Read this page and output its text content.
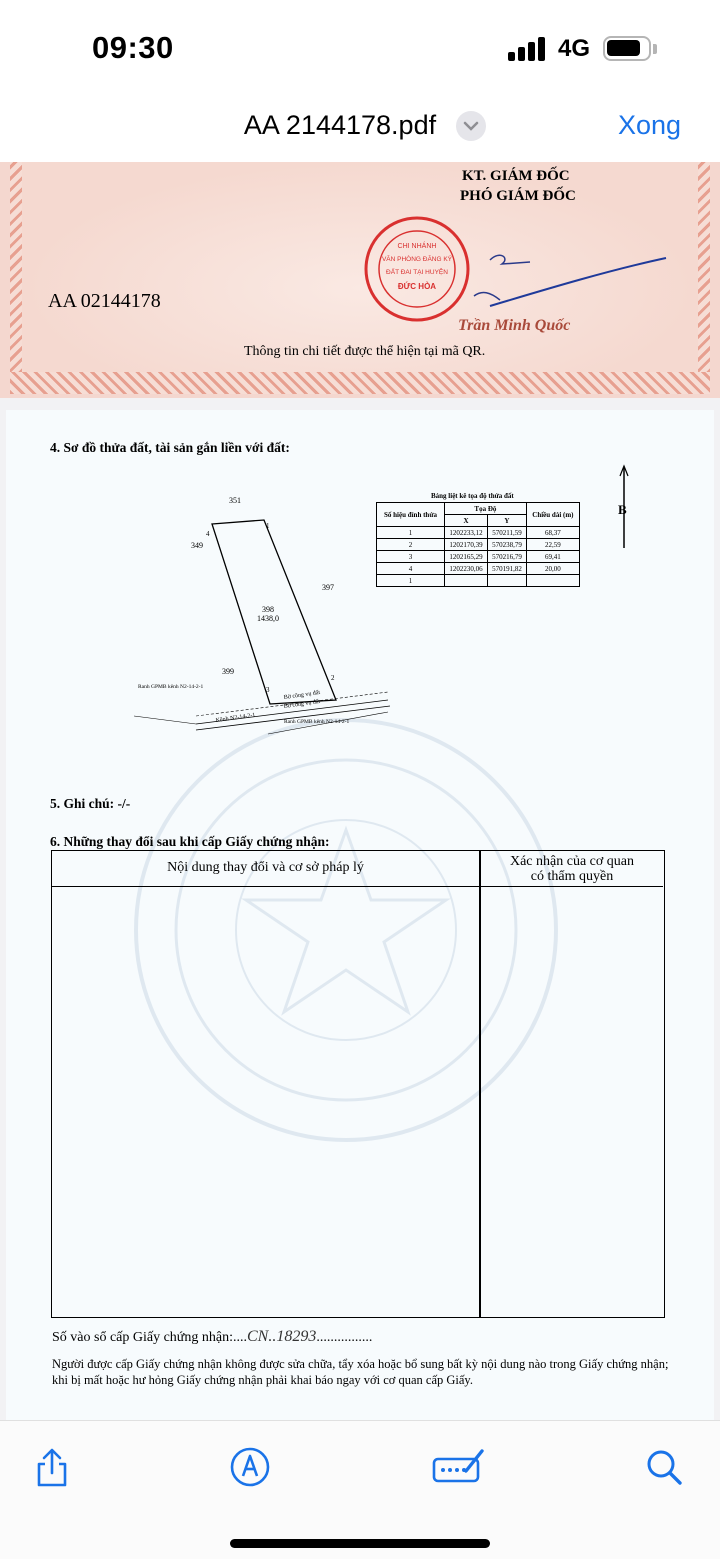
09:30	4G
AA 2144178.pdf	Xong
KT. GIÁM ĐỐC
PHÓ GIÁM ĐỐC
CHI NHÁNH
VĂN PHÒNG ĐĂNG KÝ
ĐẤT ĐAI TẠI HUYỆN
ĐỨC HÒA
AA 02144178
Trần Minh Quốc
Thông tin chi tiết được thể hiện tại mã QR.
4. Sơ đồ thửa đất, tài sản gắn liền với đất:
351
349
397
399
398
1438,0
1
2
3
4
Ranh GPMB kênh N2-14-2-1
Ranh GPMB kênh N2-14-2-1
Bờ công vụ đất
Bờ công vụ đất
Kênh N2-14-2-1
Bảng liệt kê tọa độ thửa đất
Số hiệu đỉnh thửa	Tọa Độ		Chiều dài (m)
	X	Y	
1	1202233,12	570211,59	68,37
2	1202170,39	570238,79	22,59
3	1202165,29	570216,79	69,41
4	1202230,06	570191,82	20,00
1			
B
5. Ghi chú: -/-
6. Những thay đổi sau khi cấp Giấy chứng nhận:
Nội dung thay đổi và cơ sở pháp lý	Xác nhận của cơ quan
có thẩm quyền
Số vào sổ cấp Giấy chứng nhận:....CN..18293................
Người được cấp Giấy chứng nhận không được sửa chữa, tẩy xóa hoặc bổ sung bất kỳ nội dung nào trong Giấy chứng nhận; khi bị mất hoặc hư hỏng Giấy chứng nhận phải khai báo ngay với cơ quan cấp Giấy.
